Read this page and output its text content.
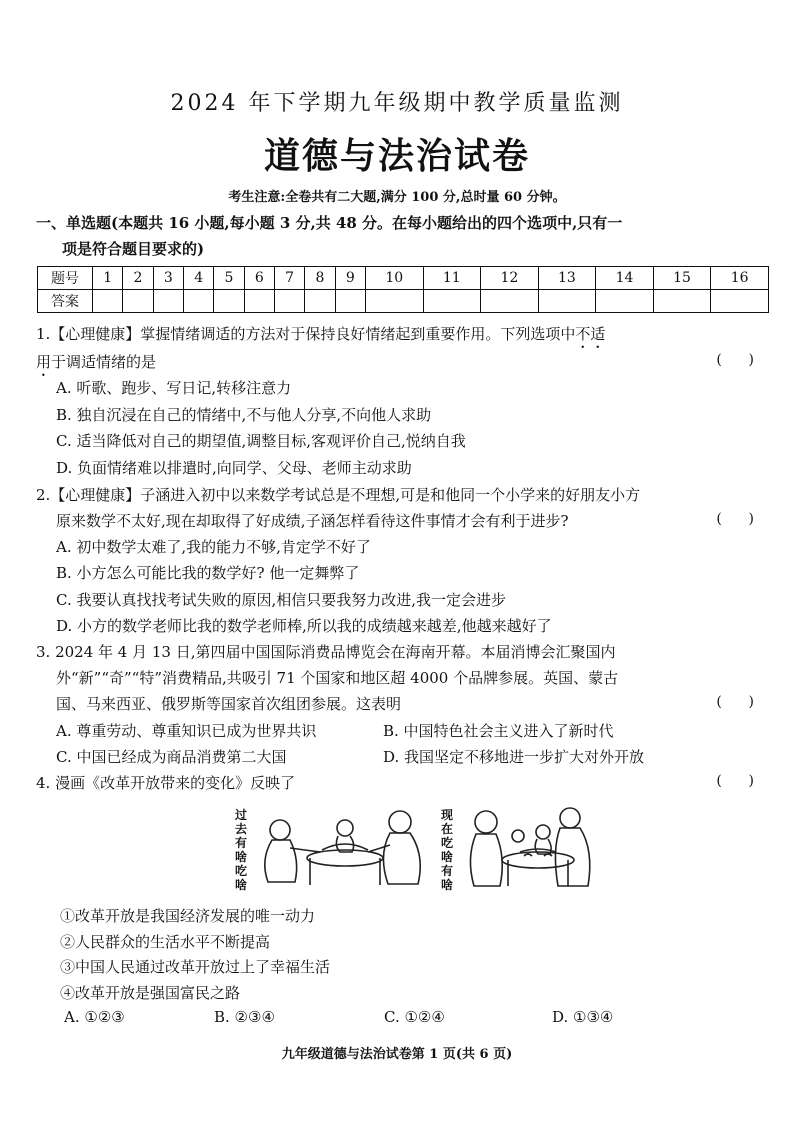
2024 年下学期九年级期中教学质量监测
道德与法治试卷
考生注意:全卷共有二大题,满分 100 分,总时量 60 分钟。
一、单选题(本题共 16 小题,每小题 3 分,共 48 分。在每小题给出的四个选项中,只有一
项是符合题目要求的)
题号	1	2	3	4	5	6	7	8	9	10	11	12	13	14	15	16
答案																
1.【心理健康】掌握情绪调适的方法对于保持良好情绪起到重要作用。下列选项中不适
用于调适情绪的是	(      )
A. 听歌、跑步、写日记,转移注意力
B. 独自沉浸在自己的情绪中,不与他人分享,不向他人求助
C. 适当降低对自己的期望值,调整目标,客观评价自己,悦纳自我
D. 负面情绪难以排遣时,向同学、父母、老师主动求助
2.【心理健康】子涵进入初中以来数学考试总是不理想,可是和他同一个小学来的好朋友小方
原来数学不太好,现在却取得了好成绩,子涵怎样看待这件事情才会有利于进步?	(      )
A. 初中数学太难了,我的能力不够,肯定学不好了
B. 小方怎么可能比我的数学好? 他一定舞弊了
C. 我要认真找找考试失败的原因,相信只要我努力改进,我一定会进步
D. 小方的数学老师比我的数学老师棒,所以我的成绩越来越差,他越来越好了
3. 2024 年 4 月 13 日,第四届中国国际消费品博览会在海南开幕。本届消博会汇聚国内
外“新”“奇”“特”消费精品,共吸引 71 个国家和地区超 4000 个品牌参展。英国、蒙古
国、马来西亚、俄罗斯等国家首次组团参展。这表明	(      )
A. 尊重劳动、尊重知识已成为世界共识	B. 中国特色社会主义进入了新时代
C. 中国已经成为商品消费第二大国	D. 我国坚定不移地进一步扩大对外开放
4. 漫画《改革开放带来的变化》反映了	(      )
过去有啥吃啥
现在吃啥有啥
①改革开放是我国经济发展的唯一动力
②人民群众的生活水平不断提高
③中国人民通过改革开放过上了幸福生活
④改革开放是强国富民之路
A. ①②③	B. ②③④	C. ①②④	D. ①③④
九年级道德与法治试卷第 1 页(共 6 页)
